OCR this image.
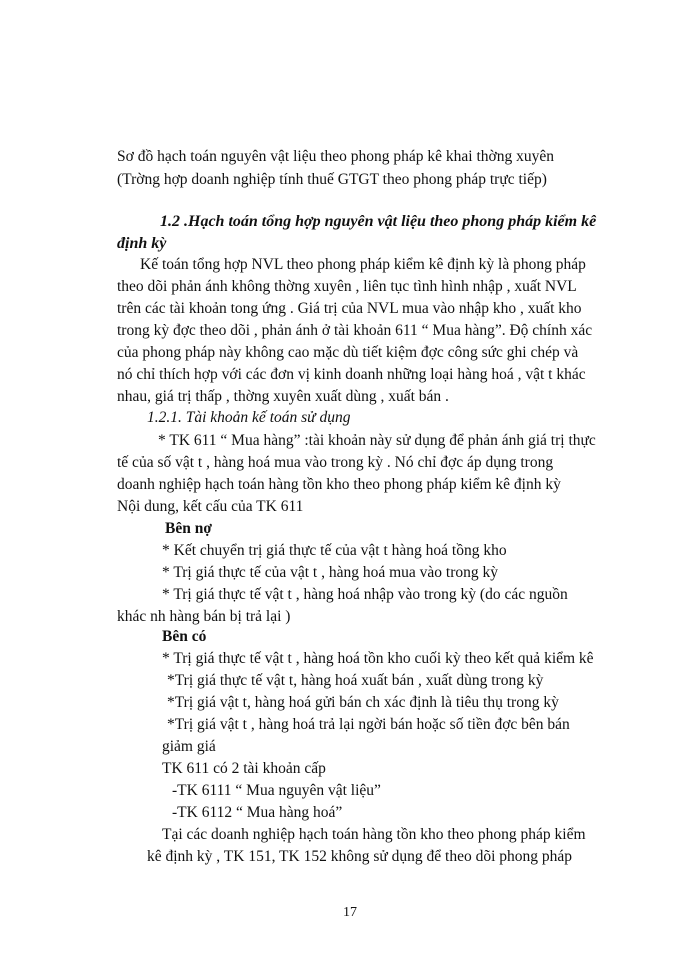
Sơ đồ hạch toán nguyên vật liệu theo phong pháp kê khai thờng xuyên
(Trờng hợp doanh nghiệp tính thuế GTGT theo phong pháp trực tiếp)
1.2 .Hạch toán tổng hợp nguyên vật liệu theo phong pháp kiểm kê
định kỳ
Kế toán tổng hợp NVL theo phong pháp kiểm kê định kỳ là phong pháp
theo dõi phản ánh không thờng xuyên , liên tục tình hình nhập , xuất NVL
trên các tài khoản tong ứng . Giá trị của NVL mua vào nhập kho , xuất kho
trong kỳ đợc theo dõi , phản ánh ở tài khoản 611 “ Mua hàng”. Độ chính xác
của phong pháp này không cao mặc dù tiết kiệm đợc công sức ghi chép và
nó chỉ thích hợp với các đơn vị kinh doanh những loại hàng hoá , vật t khác
nhau, giá trị thấp , thờng xuyên xuất dùng , xuất bán .
1.2.1. Tài khoản kế toán sử dụng
* TK 611 “ Mua hàng” :tài khoản này sử dụng để phản ánh giá trị thực
tế của số vật t , hàng hoá mua vào trong kỳ . Nó chỉ đợc áp dụng trong
doanh nghiệp hạch toán hàng tồn kho theo phong pháp kiểm kê định kỳ
Nội dung, kết cấu của TK 611
Bên nợ
* Kết chuyển trị giá thực tế của vật t hàng hoá tồng kho
* Trị giá thực tế của vật t , hàng hoá mua vào trong kỳ
* Trị giá thực tế vật t , hàng hoá nhập vào trong kỳ (do các nguồn
khác nh hàng bán bị trả lại )
Bên có
* Trị giá thực tế vật t , hàng hoá tồn kho cuối kỳ theo kết quả kiểm kê
*Trị giá thực tế vật t, hàng hoá xuất bán , xuất dùng trong kỳ
*Trị giá vật t, hàng hoá gửi bán ch xác định là tiêu thụ trong kỳ
*Trị giá vật t , hàng hoá trả lại ngời bán hoặc số tiền đợc bên bán
giảm giá
TK 611 có 2 tài khoản cấp
-TK 6111 “ Mua nguyên vật liệu”
-TK 6112 “ Mua hàng hoá”
Tại các doanh nghiệp hạch toán hàng tồn kho theo phong pháp kiểm
kê định kỳ , TK 151, TK 152 không sử dụng để theo dõi phong pháp
17
